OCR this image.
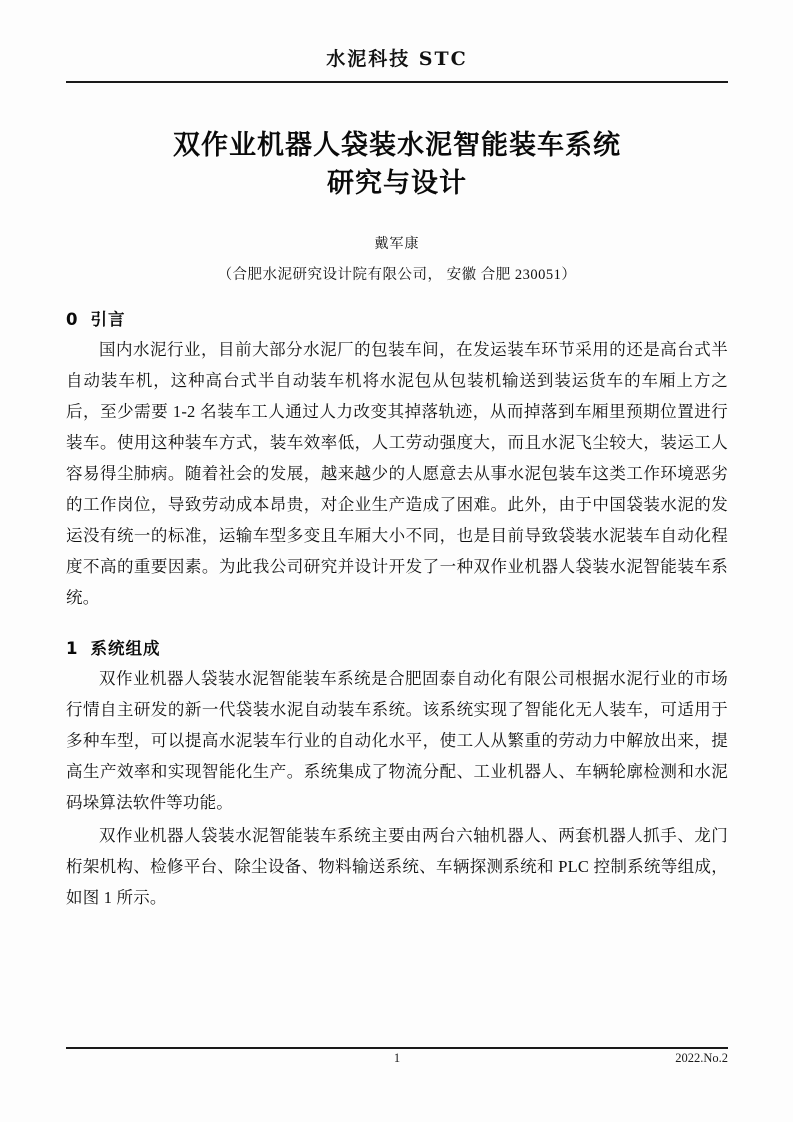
水泥科技 STC
双作业机器人袋装水泥智能装车系统
研究与设计
戴军康
（合肥水泥研究设计院有限公司， 安徽 合肥 230051）
0 引言

国内水泥行业，目前大部分水泥厂的包装车间，在发运装车环节采用的还是高台式半自动装车机，这种高台式半自动装车机将水泥包从包装机输送到装运货车的车厢上方之后，至少需要 1-2 名装车工人通过人力改变其掉落轨迹，从而掉落到车厢里预期位置进行装车。使用这种装车方式，装车效率低，人工劳动强度大，而且水泥飞尘较大，装运工人容易得尘肺病。随着社会的发展，越来越少的人愿意去从事水泥包装车这类工作环境恶劣的工作岗位，导致劳动成本昂贵，对企业生产造成了困难。此外，由于中国袋装水泥的发运没有统一的标准，运输车型多变且车厢大小不同，也是目前导致袋装水泥装车自动化程度不高的重要因素。为此我公司研究并设计开发了一种双作业机器人袋装水泥智能装车系统。

1 系统组成

双作业机器人袋装水泥智能装车系统是合肥固泰自动化有限公司根据水泥行业的市场行情自主研发的新一代袋装水泥自动装车系统。该系统实现了智能化无人装车，可适用于多种车型，可以提高水泥装车行业的自动化水平，使工人从繁重的劳动力中解放出来，提高生产效率和实现智能化生产。系统集成了物流分配、工业机器人、车辆轮廓检测和水泥码垛算法软件等功能。

双作业机器人袋装水泥智能装车系统主要由两台六轴机器人、两套机器人抓手、龙门桁架机构、检修平台、除尘设备、物料输送系统、车辆探测系统和 PLC 控制系统等组成，如图 1 所示。

1	2022.No.2
